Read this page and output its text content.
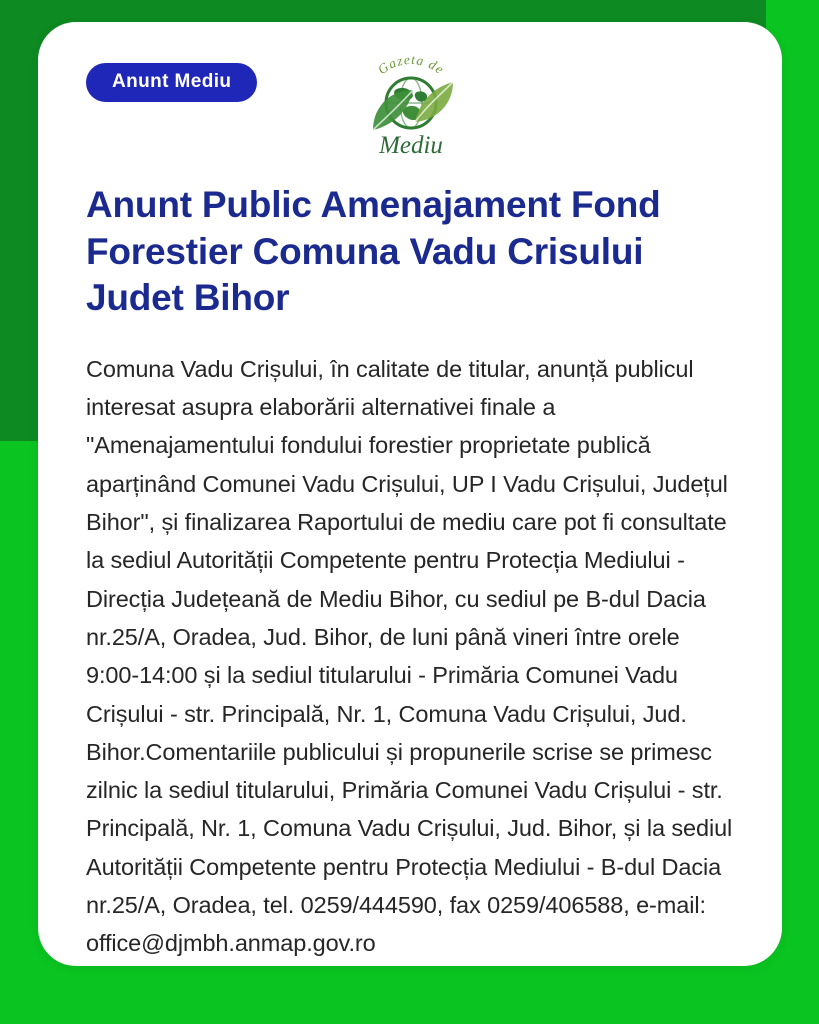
Anunt Mediu
Gazeta de
Mediu
Anunt Public Amenajament Fond Forestier Comuna Vadu Crisului Judet Bihor
Comuna Vadu Crișului, în calitate de titular, anunță publicul interesat asupra elaborării alternativei finale a "Amenajamentului fondului forestier proprietate publică aparținând Comunei Vadu Crișului, UP I Vadu Crișului, Județul Bihor", și finalizarea Raportului de mediu care pot fi consultate la sediul Autorității Competente pentru Protecția Mediului - Direcția Județeană de Mediu Bihor, cu sediul pe B-dul Dacia nr.25/A, Oradea, Jud. Bihor, de luni până vineri între orele 9:00-14:00 și la sediul titularului - Primăria Comunei Vadu Crișului - str. Principală, Nr. 1, Comuna Vadu Crișului, Jud. Bihor.Comentariile publicului și propunerile scrise se primesc zilnic la sediul titularului, Primăria Comunei Vadu Crișului - str. Principală, Nr. 1, Comuna Vadu Crișului, Jud. Bihor, și la sediul Autorității Competente pentru Protecția Mediului - B-dul Dacia nr.25/A, Oradea, tel. 0259/444590, fax 0259/406588, e-mail: office@djmbh.anmap.gov.ro
